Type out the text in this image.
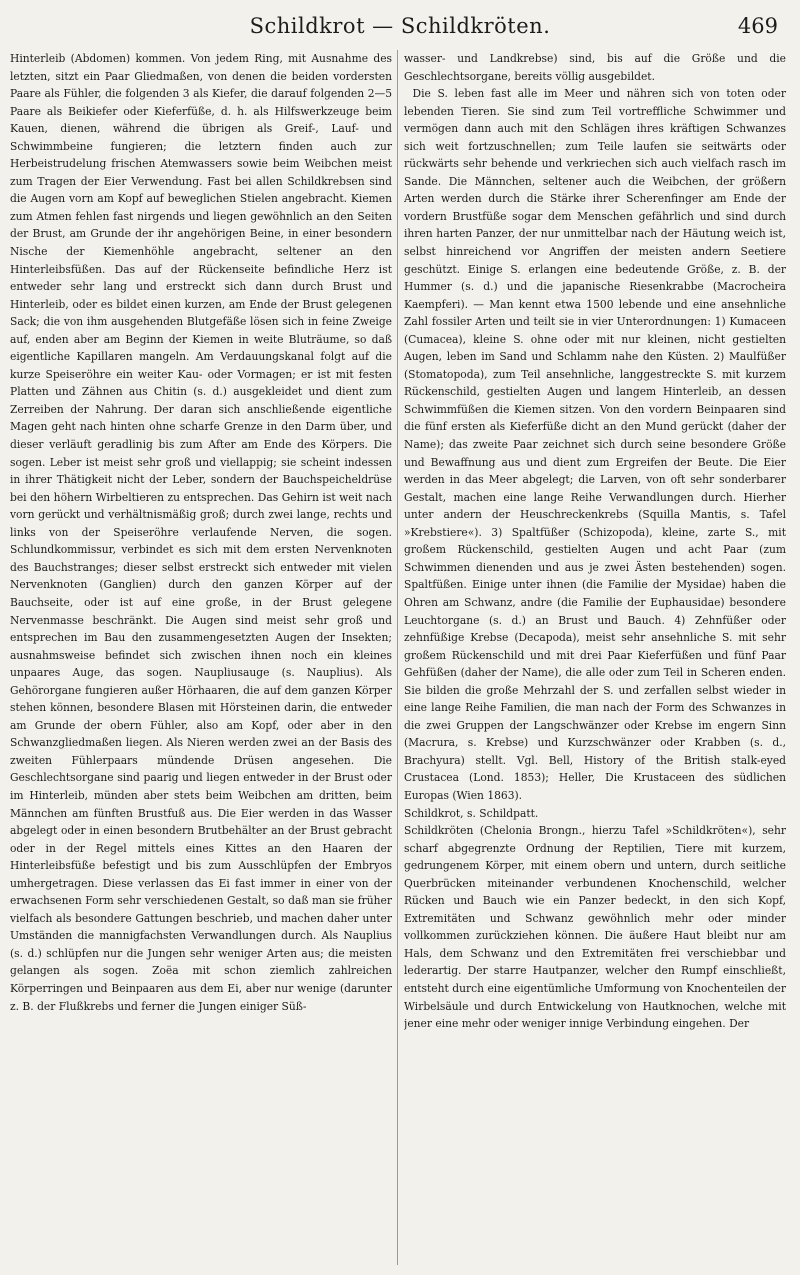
Schildkrot — Schildkröten.	469

Hinterleib (Abdomen) kommen. Von jedem Ring, mit Ausnahme des letzten, sitzt ein Paar Gliedmaßen, von denen die beiden vordersten Paare als Fühler, die folgenden 3 als Kiefer, die darauf folgenden 2—5 Paare als Beikiefer oder Kieferfüße, d. h. als Hilfswerkzeuge beim Kauen, dienen, während die übrigen als Greif-, Lauf- und Schwimmbeine fungieren; die letztern finden auch zur Herbeistrudelung frischen Atemwassers sowie beim Weibchen meist zum Tragen der Eier Verwendung. Fast bei allen Schildkrebsen sind die Augen vorn am Kopf auf beweglichen Stielen angebracht. Kiemen zum Atmen fehlen fast nirgends und liegen gewöhnlich an den Seiten der Brust, am Grunde der ihr angehörigen Beine, in einer besondern Nische der Kiemenhöhle angebracht, seltener an den Hinterleibsfüßen. Das auf der Rückenseite befindliche Herz ist entweder sehr lang und erstreckt sich dann durch Brust und Hinterleib, oder es bildet einen kurzen, am Ende der Brust gelegenen Sack; die von ihm ausgehenden Blutgefäße lösen sich in feine Zweige auf, enden aber am Beginn der Kiemen in weite Bluträume, so daß eigentliche Kapillaren mangeln. Am Verdauungskanal folgt auf die kurze Speiseröhre ein weiter Kau- oder Vormagen; er ist mit festen Platten und Zähnen aus Chitin (s. d.) ausgekleidet und dient zum Zerreiben der Nahrung. Der daran sich anschließende eigentliche Magen geht nach hinten ohne scharfe Grenze in den Darm über, und dieser verläuft geradlinig bis zum After am Ende des Körpers. Die sogen. Leber ist meist sehr groß und viellappig; sie scheint indessen in ihrer Thätigkeit nicht der Leber, sondern der Bauchspeicheldrüse bei den höhern Wirbeltieren zu entsprechen. Das Gehirn ist weit nach vorn gerückt und verhältnismäßig groß; durch zwei lange, rechts und links von der Speiseröhre verlaufende Nerven, die sogen. Schlundkommissur, verbindet es sich mit dem ersten Nervenknoten des Bauchstranges; dieser selbst erstreckt sich entweder mit vielen Nervenknoten (Ganglien) durch den ganzen Körper auf der Bauchseite, oder ist auf eine große, in der Brust gelegene Nervenmasse beschränkt. Die Augen sind meist sehr groß und entsprechen im Bau den zusammengesetzten Augen der Insekten; ausnahmsweise befindet sich zwischen ihnen noch ein kleines unpaares Auge, das sogen. Naupliusauge (s. Nauplius). Als Gehörorgane fungieren außer Hörhaaren, die auf dem ganzen Körper stehen können, besondere Blasen mit Hörsteinen darin, die entweder am Grunde der obern Fühler, also am Kopf, oder aber in den Schwanzgliedmaßen liegen. Als Nieren werden zwei an der Basis des zweiten Fühlerpaars mündende Drüsen angesehen. Die Geschlechtsorgane sind paarig und liegen entweder in der Brust oder im Hinterleib, münden aber stets beim Weibchen am dritten, beim Männchen am fünften Brustfuß aus. Die Eier werden in das Wasser abgelegt oder in einen besondern Brutbehälter an der Brust gebracht oder in der Regel mittels eines Kittes an den Haaren der Hinterleibsfüße befestigt und bis zum Ausschlüpfen der Embryos umhergetragen. Diese verlassen das Ei fast immer in einer von der erwachsenen Form sehr verschiedenen Gestalt, so daß man sie früher vielfach als besondere Gattungen beschrieb, und machen daher unter Umständen die mannigfachsten Verwandlungen durch. Als Nauplius (s. d.) schlüpfen nur die Jungen sehr weniger Arten aus; die meisten gelangen als sogen. Zoëa mit schon ziemlich zahlreichen Körperringen und Beinpaaren aus dem Ei, aber nur wenige (darunter z. B. der Flußkrebs und ferner die Jungen einiger Süß-

wasser- und Landkrebse) sind, bis auf die Größe und die Geschlechtsorgane, bereits völlig ausgebildet.

Die S. leben fast alle im Meer und nähren sich von toten oder lebenden Tieren. Sie sind zum Teil vortreffliche Schwimmer und vermögen dann auch mit den Schlägen ihres kräftigen Schwanzes sich weit fortzuschnellen; zum Teile laufen sie seitwärts oder rückwärts sehr behende und verkriechen sich auch vielfach rasch im Sande. Die Männchen, seltener auch die Weibchen, der größern Arten werden durch die Stärke ihrer Scherenfinger am Ende der vordern Brustfüße sogar dem Menschen gefährlich und sind durch ihren harten Panzer, der nur unmittelbar nach der Häutung weich ist, selbst hinreichend vor Angriffen der meisten andern Seetiere geschützt. Einige S. erlangen eine bedeutende Größe, z. B. der Hummer (s. d.) und die japanische Riesenkrabbe (Macrocheira Kaempferi). — Man kennt etwa 1500 lebende und eine ansehnliche Zahl fossiler Arten und teilt sie in vier Unterordnungen: 1) Kumaceen (Cumacea), kleine S. ohne oder mit nur kleinen, nicht gestielten Augen, leben im Sand und Schlamm nahe den Küsten. 2) Maulfüßer (Stomatopoda), zum Teil ansehnliche, langgestreckte S. mit kurzem Rückenschild, gestielten Augen und langem Hinterleib, an dessen Schwimmfüßen die Kiemen sitzen. Von den vordern Beinpaaren sind die fünf ersten als Kieferfüße dicht an den Mund gerückt (daher der Name); das zweite Paar zeichnet sich durch seine besondere Größe und Bewaffnung aus und dient zum Ergreifen der Beute. Die Eier werden in das Meer abgelegt; die Larven, von oft sehr sonderbarer Gestalt, machen eine lange Reihe Verwandlungen durch. Hierher unter andern der Heuschreckenkrebs (Squilla Mantis, s. Tafel »Krebstiere«). 3) Spaltfüßer (Schizopoda), kleine, zarte S., mit großem Rückenschild, gestielten Augen und acht Paar (zum Schwimmen dienenden und aus je zwei Ästen bestehenden) sogen. Spaltfüßen. Einige unter ihnen (die Familie der Mysidae) haben die Ohren am Schwanz, andre (die Familie der Euphausidae) besondere Leuchtorgane (s. d.) an Brust und Bauch. 4) Zehnfüßer oder zehnfüßige Krebse (Decapoda), meist sehr ansehnliche S. mit sehr großem Rückenschild und mit drei Paar Kieferfüßen und fünf Paar Gehfüßen (daher der Name), die alle oder zum Teil in Scheren enden. Sie bilden die große Mehrzahl der S. und zerfallen selbst wieder in eine lange Reihe Familien, die man nach der Form des Schwanzes in die zwei Gruppen der Langschwänzer oder Krebse im engern Sinn (Macrura, s. Krebse) und Kurzschwänzer oder Krabben (s. d., Brachyura) stellt. Vgl. Bell, History of the British stalk-eyed Crustacea (Lond. 1853); Heller, Die Krustaceen des südlichen Europas (Wien 1863).

Schildkrot, s. Schildpatt.

Schildkröten (Chelonia Brongn., hierzu Tafel »Schildkröten«), sehr scharf abgegrenzte Ordnung der Reptilien, Tiere mit kurzem, gedrungenem Körper, mit einem obern und untern, durch seitliche Querbrücken miteinander verbundenen Knochenschild, welcher Rücken und Bauch wie ein Panzer bedeckt, in den sich Kopf, Extremitäten und Schwanz gewöhnlich mehr oder minder vollkommen zurückziehen können. Die äußere Haut bleibt nur am Hals, dem Schwanz und den Extremitäten frei verschiebbar und lederartig. Der starre Hautpanzer, welcher den Rumpf einschließt, entsteht durch eine eigentümliche Umformung von Knochenteilen der Wirbelsäule und durch Entwickelung von Hautknochen, welche mit jener eine mehr oder weniger innige Verbindung eingehen. Der
